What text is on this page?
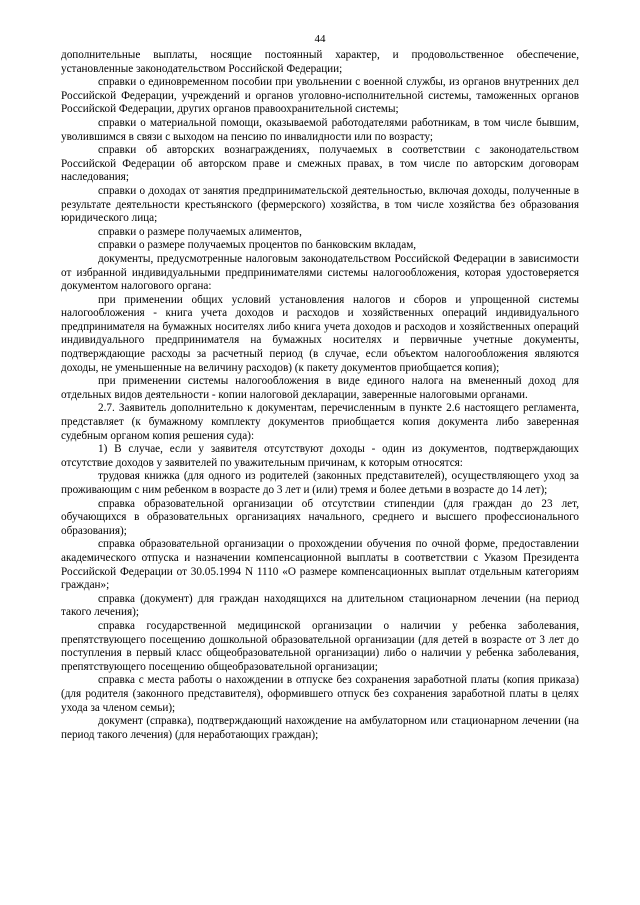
44

дополнительные выплаты, носящие постоянный характер, и продовольственное обеспечение, установленные законодательством Российской Федерации;

справки о единовременном пособии при увольнении с военной службы, из органов внутренних дел Российской Федерации, учреждений и органов уголовно-исполнительной системы, таможенных органов Российской Федерации, других органов правоохранительной системы;

справки о материальной помощи, оказываемой работодателями работникам, в том числе бывшим, уволившимся в связи с выходом на пенсию по инвалидности или по возрасту;

справки об авторских вознаграждениях, получаемых в соответствии с законодательством Российской Федерации об авторском праве и смежных правах, в том числе по авторским договорам наследования;

справки о доходах от занятия предпринимательской деятельностью, включая доходы, полученные в результате деятельности крестьянского (фермерского) хозяйства, в том числе хозяйства без образования юридического лица;

справки о размере получаемых алиментов,

справки о размере получаемых процентов по банковским вкладам,

документы, предусмотренные налоговым законодательством Российской Федерации в зависимости от избранной индивидуальными предпринимателями системы налогообложения, которая удостоверяется документом налогового органа:

при применении общих условий установления налогов и сборов и упрощенной системы налогообложения - книга учета доходов и расходов и хозяйственных операций индивидуального предпринимателя на бумажных носителях либо книга учета доходов и расходов и хозяйственных операций индивидуального предпринимателя на бумажных носителях и первичные учетные документы, подтверждающие расходы за расчетный период (в случае, если объектом налогообложения являются доходы, не уменьшенные на величину расходов) (к пакету документов приобщается копия);

при применении системы налогообложения в виде единого налога на вмененный доход для отдельных видов деятельности - копии налоговой декларации, заверенные налоговыми органами.

2.7. Заявитель дополнительно к документам, перечисленным в пункте 2.6 настоящего регламента, представляет (к бумажному комплекту документов приобщается копия документа либо заверенная судебным органом копия решения суда):

1) В случае, если у заявителя отсутствуют доходы - один из документов, подтверждающих отсутствие доходов у заявителей по уважительным причинам, к которым относятся:

трудовая книжка (для одного из родителей (законных представителей), осуществляющего уход за проживающим с ним ребенком в возрасте до 3 лет и (или) тремя и более детьми в возрасте до 14 лет);

справка образовательной организации об отсутствии стипендии (для граждан до 23 лет, обучающихся в образовательных организациях начального, среднего и высшего профессионального образования);

справка образовательной организации о прохождении обучения по очной форме, предоставлении академического отпуска и назначении компенсационной выплаты в соответствии с Указом Президента Российской Федерации от 30.05.1994 N 1110 «О размере компенсационных выплат отдельным категориям граждан»;

справка (документ) для граждан находящихся на длительном стационарном лечении (на период такого лечения);

справка государственной медицинской организации о наличии у ребенка заболевания, препятствующего посещению дошкольной образовательной организации (для детей в возрасте от 3 лет до поступления в первый класс общеобразовательной организации) либо о наличии у ребенка заболевания, препятствующего посещению общеобразовательной организации;

справка с места работы о нахождении в отпуске без сохранения заработной платы (копия приказа) (для родителя (законного представителя), оформившего отпуск без сохранения заработной платы в целях ухода за членом семьи);

документ (справка), подтверждающий нахождение на амбулаторном или стационарном лечении (на период такого лечения) (для неработающих граждан);
